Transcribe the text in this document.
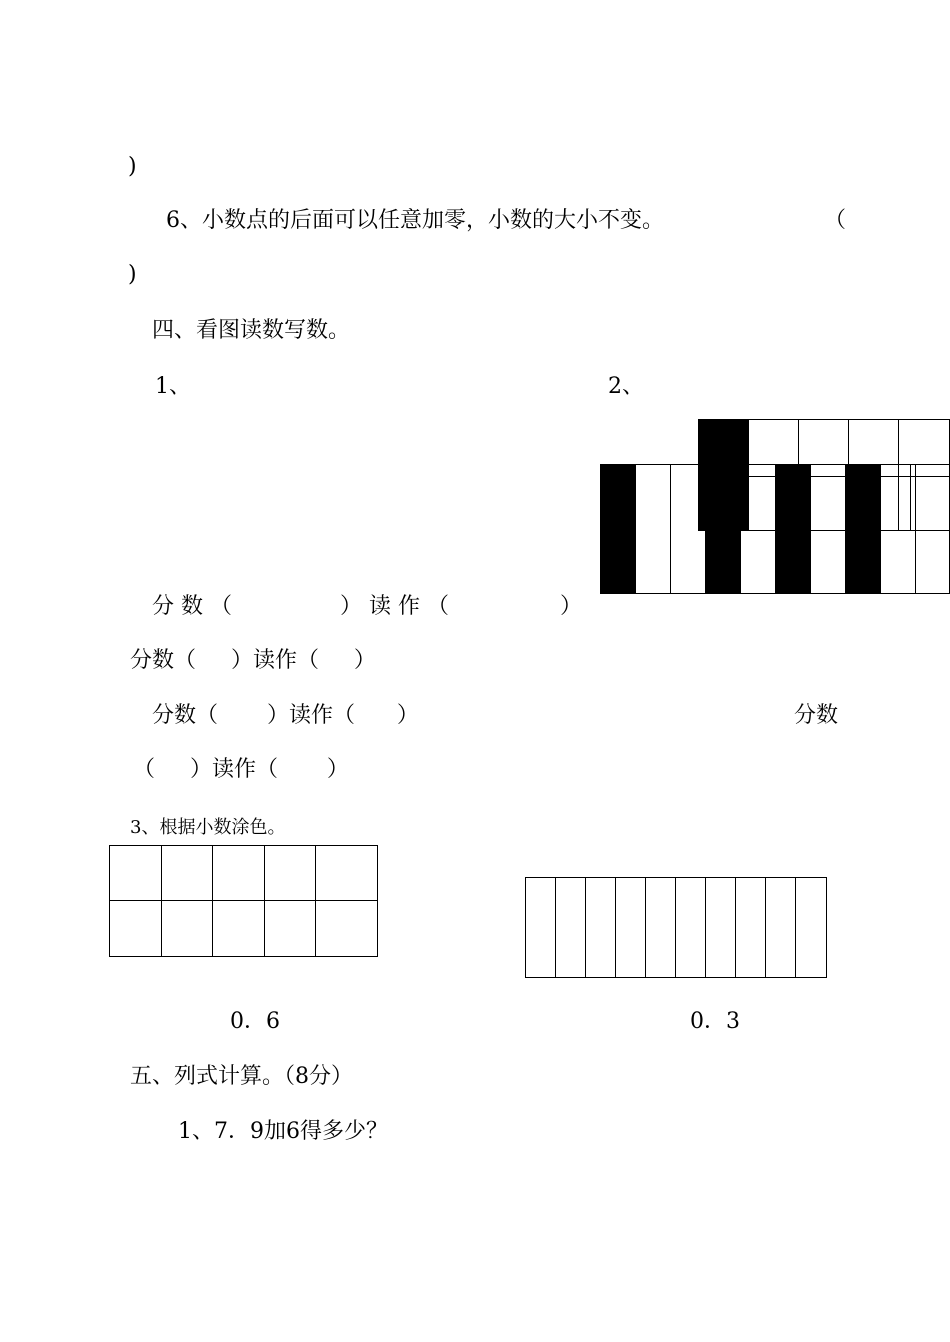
)
6、小数点的后面可以任意加零，小数的大小不变。	（
)
四、看图读数写数。
1、	2、
分 数 （	） 读 作 （	）
分数（     ）读作（     ）
分数（       ）读作（      ）	分数
（     ）读作（       ）
3、根据小数涂色。
0．6	0．3
五、列式计算。（8分）
1、7．9加6得多少？
